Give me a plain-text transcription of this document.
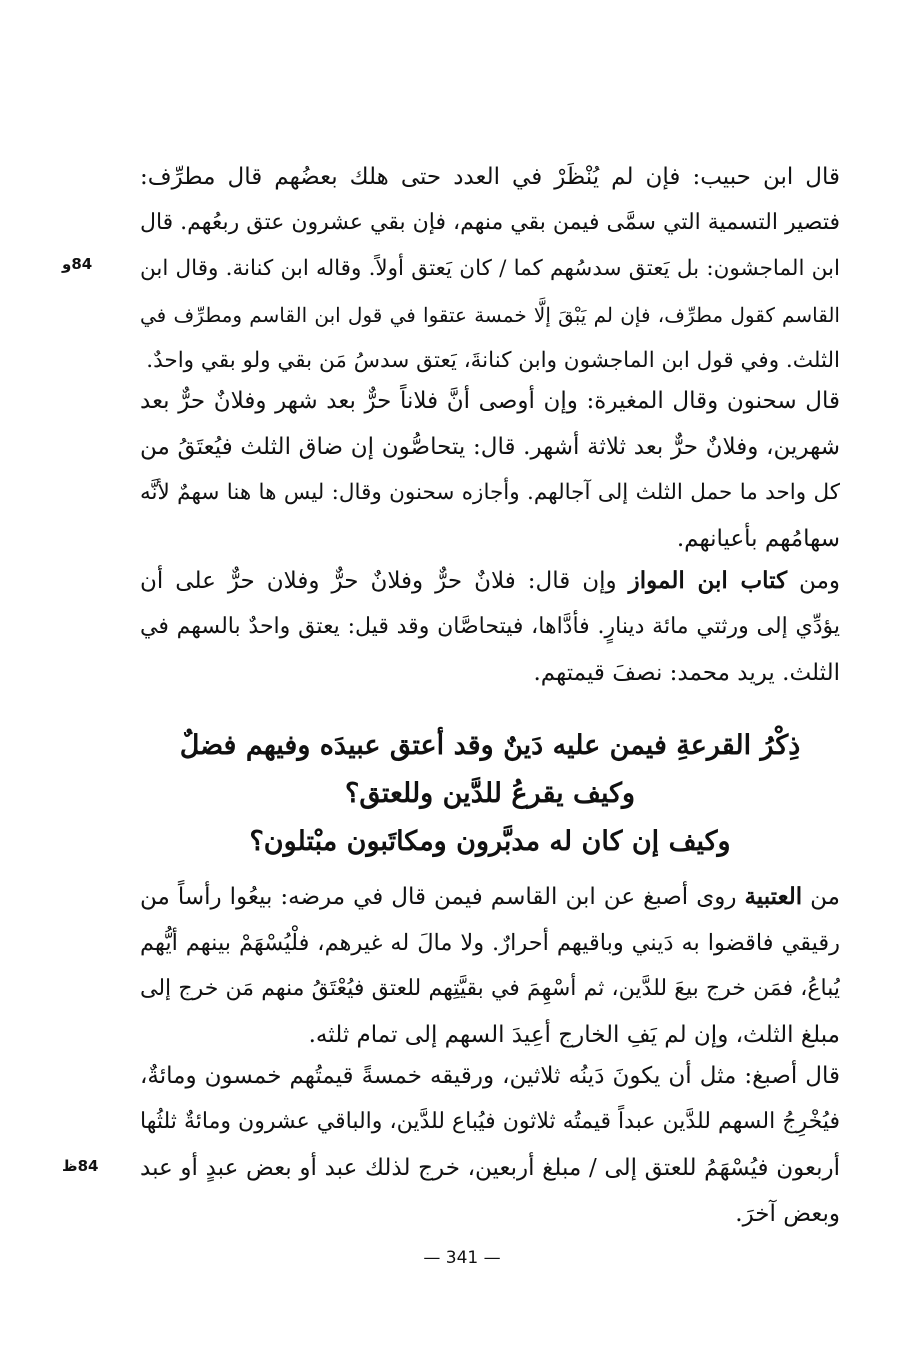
قال ابن حبيب: فإن لم يُنْظَرْ في العدد حتى هلك بعضُهم قال مطرِّف:
فتصير التسمية التي سمَّى فيمن بقي منهم، فإن بقي عشرون عتق ربعُهم. قال
ابن الماجشون: بل يَعتق سدسُهم كما / كان يَعتق أولاً. وقاله ابن كنانة. وقال ابن
القاسم كقول مطرِّف، فإن لم يَبْقَ إلَّا خمسة عتقوا في قول ابن القاسم ومطرِّف في
الثلث. وفي قول ابن الماجشون وابن كنانةَ، يَعتق سدسُ مَن بقي ولو بقي واحدٌ.
84و
قال سحنون وقال المغيرة: وإن أوصى أنَّ فلاناً حرٌّ بعد شهر وفلانٌ حرٌّ بعد
شهرين، وفلانٌ حرٌّ بعد ثلاثة أشهر. قال: يتحاصُّون إن ضاق الثلث فيُعتَقُ من
كل واحد ما حمل الثلث إلى آجالهم. وأجازه سحنون وقال: ليس ها هنا سهمٌ لأنَّه
سهامُهم بأعيانهم.
ومن كتاب ابن المواز وإن قال: فلانٌ حرٌّ وفلانٌ حرٌّ وفلان حرٌّ على أن
يؤدِّي إلى ورثتي مائة دينارٍ. فأدَّاها، فيتحاصَّان وقد قيل: يعتق واحدٌ بالسهم في
الثلث. يريد محمد: نصفَ قيمتهم.
ذِكْرُ القرعةِ فيمن عليه دَينٌ وقد أعتق عبيدَه وفيهم فضلٌ
وكيف يقرعُ للدَّين وللعتق؟
وكيف إن كان له مدبَّرون ومكاتَبون مبْتلون؟
من العتبية روى أصبغ عن ابن القاسم فيمن قال في مرضه: بيعُوا رأساً من
رقيقي فاقضوا به دَيني وباقيهم أحرارٌ. ولا مالَ له غيرهم، فلْيُسْهَمْ بينهم أيُّهم
يُباعُ، فمَن خرج بيعَ للدَّين، ثم أسْهِمَ في بقيَّتِهم للعتق فيُعْتَقُ منهم مَن خرج إلى
مبلغ الثلث، وإن لم يَفِ الخارج أعِيدَ السهم إلى تمام ثلثه.
قال أصبغ: مثل أن يكونَ دَينُه ثلاثين، ورقيقه خمسةً قيمتُهم خمسون ومائةٌ،
فيُخْرِجُ السهم للدَّين عبداً قيمتُه ثلاثون فيُباع للدَّين، والباقي عشرون ومائةٌ ثلثُها
أربعون فيُسْهَمُ للعتق إلى / مبلغ أربعين، خرج لذلك عبد أو بعض عبدٍ أو عبد
وبعض آخرَ.
84ظ
— 341 —
